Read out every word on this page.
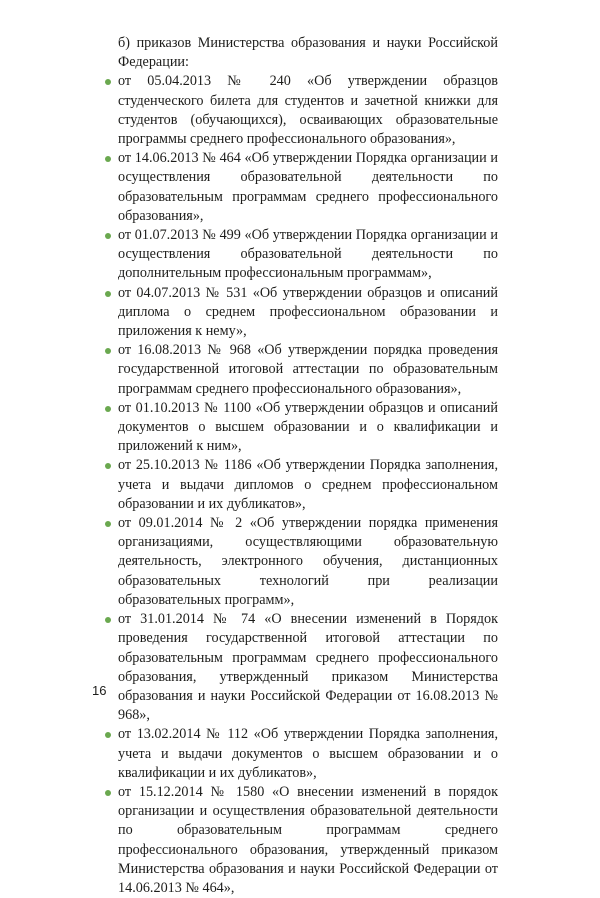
б) приказов Министерства образования и науки Российской Федерации:

от 05.04.2013 № 240 «Об утверждении образцов студенческого билета для студентов и зачетной книжки для студентов (обучающихся), осваивающих образовательные программы среднего профессионального образования»,
от 14.06.2013 № 464 «Об утверждении Порядка организации и осуществления образовательной деятельности по образовательным программам среднего профессионального образования»,
от 01.07.2013 № 499 «Об утверждении Порядка организации и осуществления образовательной деятельности по дополнительным профессиональным программам»,
от 04.07.2013 № 531 «Об утверждении образцов и описаний диплома о среднем профессиональном образовании и приложения к нему»,
от 16.08.2013 № 968 «Об утверждении порядка проведения государственной итоговой аттестации по образовательным программам среднего профессионального образования»,
от 01.10.2013 № 1100 «Об утверждении образцов и описаний документов о высшем образовании и о квалификации и приложений к ним»,
от 25.10.2013 № 1186 «Об утверждении Порядка заполнения, учета и выдачи дипломов о среднем профессиональном образовании и их дубликатов»,
от 09.01.2014 № 2 «Об утверждении порядка применения организациями, осуществляющими образовательную деятельность, электронного обучения, дистанционных образовательных технологий при реализации образовательных программ»,
от 31.01.2014 № 74 «О внесении изменений в Порядок проведения государственной итоговой аттестации по образовательным программам среднего профессионального образования, утвержденный приказом Министерства образования и науки Российской Федерации от 16.08.2013 № 968»,
от 13.02.2014 № 112 «Об утверждении Порядка заполнения, учета и выдачи документов о высшем образовании и о квалификации и их дубликатов»,
от 15.12.2014 № 1580 «О внесении изменений в порядок организации и осуществления образовательной деятельности по образовательным программам среднего профессионального образования, утвержденный приказом Министерства образования и науки Российской Федерации от 14.06.2013 № 464»,
16
